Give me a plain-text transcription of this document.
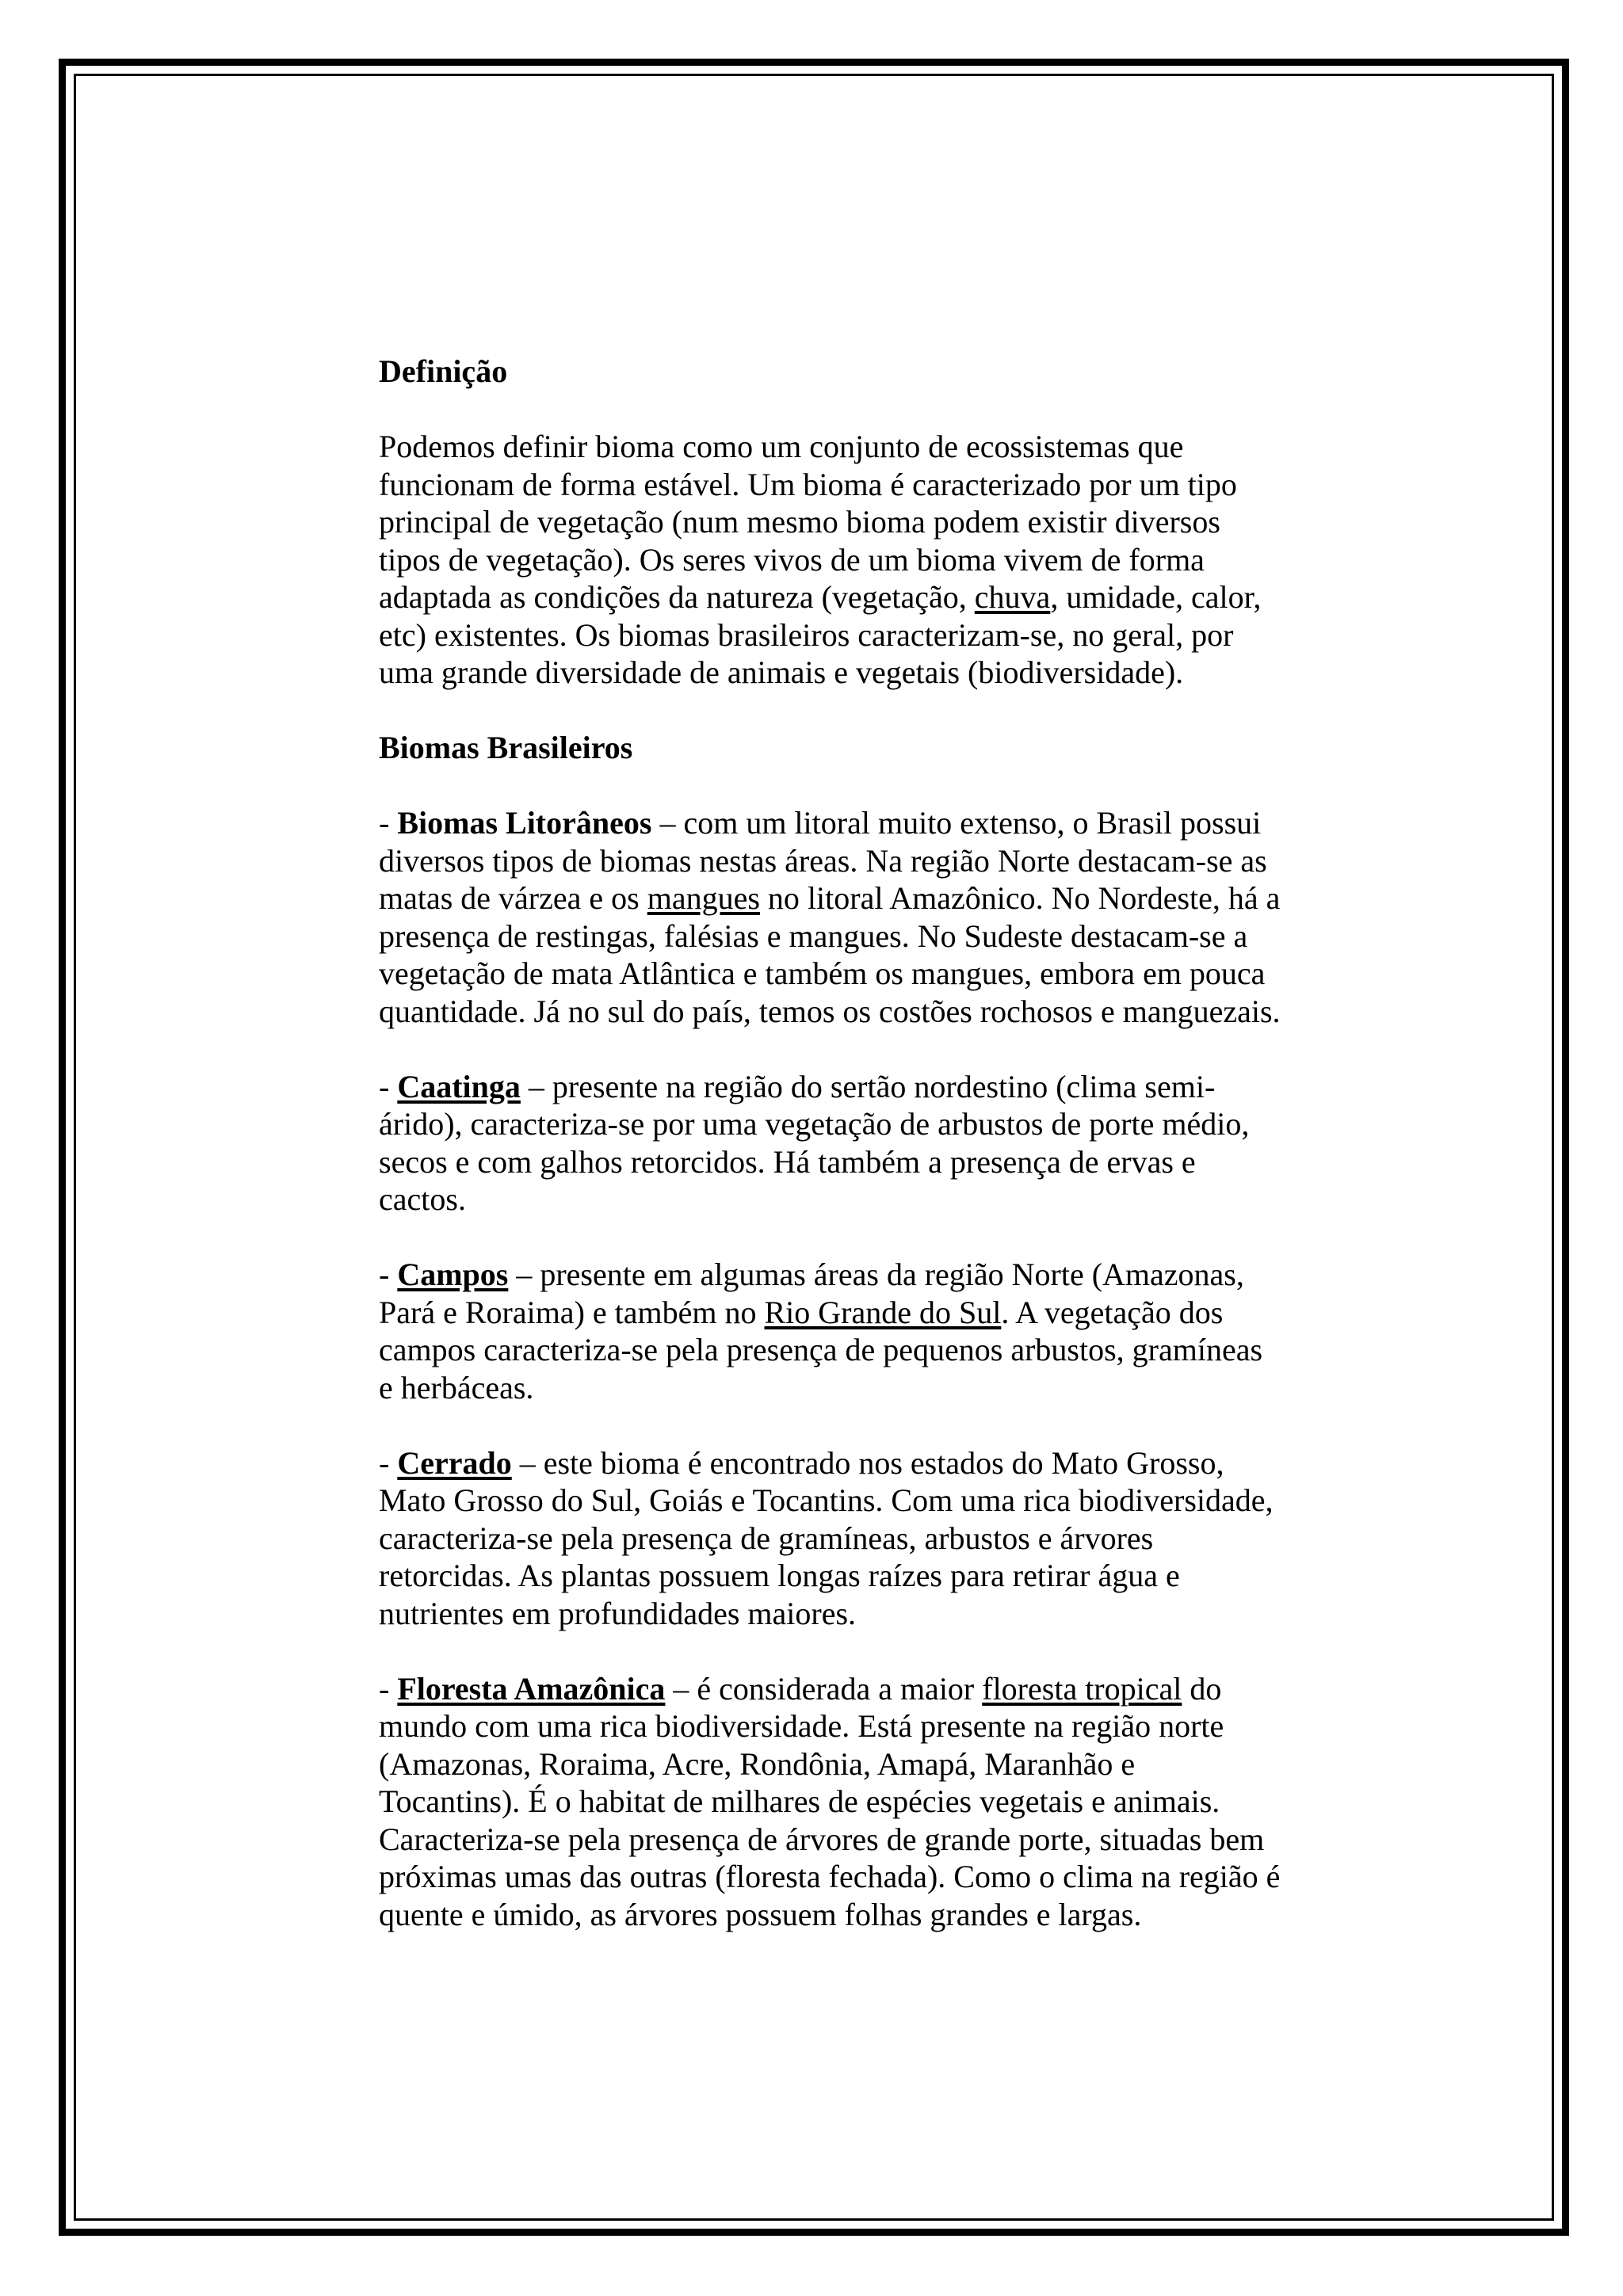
Definição

Podemos definir bioma como um conjunto de ecossistemas que funcionam de forma estável. Um bioma é caracterizado por um tipo principal de vegetação (num mesmo bioma podem existir diversos tipos de vegetação). Os seres vivos de um bioma vivem de forma adaptada as condições da natureza (vegetação, chuva, umidade, calor, etc) existentes. Os biomas brasileiros caracterizam-se, no geral, por uma grande diversidade de animais e vegetais (biodiversidade).

Biomas Brasileiros

- Biomas Litorâneos – com um litoral muito extenso, o Brasil possui diversos tipos de biomas nestas áreas. Na região Norte destacam-se as matas de várzea e os mangues no litoral Amazônico. No Nordeste, há a presença de restingas, falésias e mangues. No Sudeste destacam-se a vegetação de mata Atlântica e também os mangues, embora em pouca quantidade. Já no sul do país, temos os costões rochosos e manguezais.

- Caatinga – presente na região do sertão nordestino (clima semi-árido), caracteriza-se por uma vegetação de arbustos de porte médio, secos e com galhos retorcidos. Há também a presença de ervas e cactos.

- Campos – presente em algumas áreas da região Norte (Amazonas, Pará e Roraima) e também no Rio Grande do Sul. A vegetação dos campos caracteriza-se pela presença de pequenos arbustos, gramíneas e herbáceas.

- Cerrado – este bioma é encontrado nos estados do Mato Grosso, Mato Grosso do Sul, Goiás e Tocantins. Com uma rica biodiversidade, caracteriza-se pela presença de gramíneas, arbustos e árvores retorcidas. As plantas possuem longas raízes para retirar água e nutrientes em profundidades maiores.

- Floresta Amazônica – é considerada a maior floresta tropical do mundo com uma rica biodiversidade. Está presente na região norte (Amazonas, Roraima, Acre, Rondônia, Amapá, Maranhão e Tocantins). É o habitat de milhares de espécies vegetais e animais. Caracteriza-se pela presença de árvores de grande porte, situadas bem próximas umas das outras (floresta fechada). Como o clima na região é quente e úmido, as árvores possuem folhas grandes e largas.
